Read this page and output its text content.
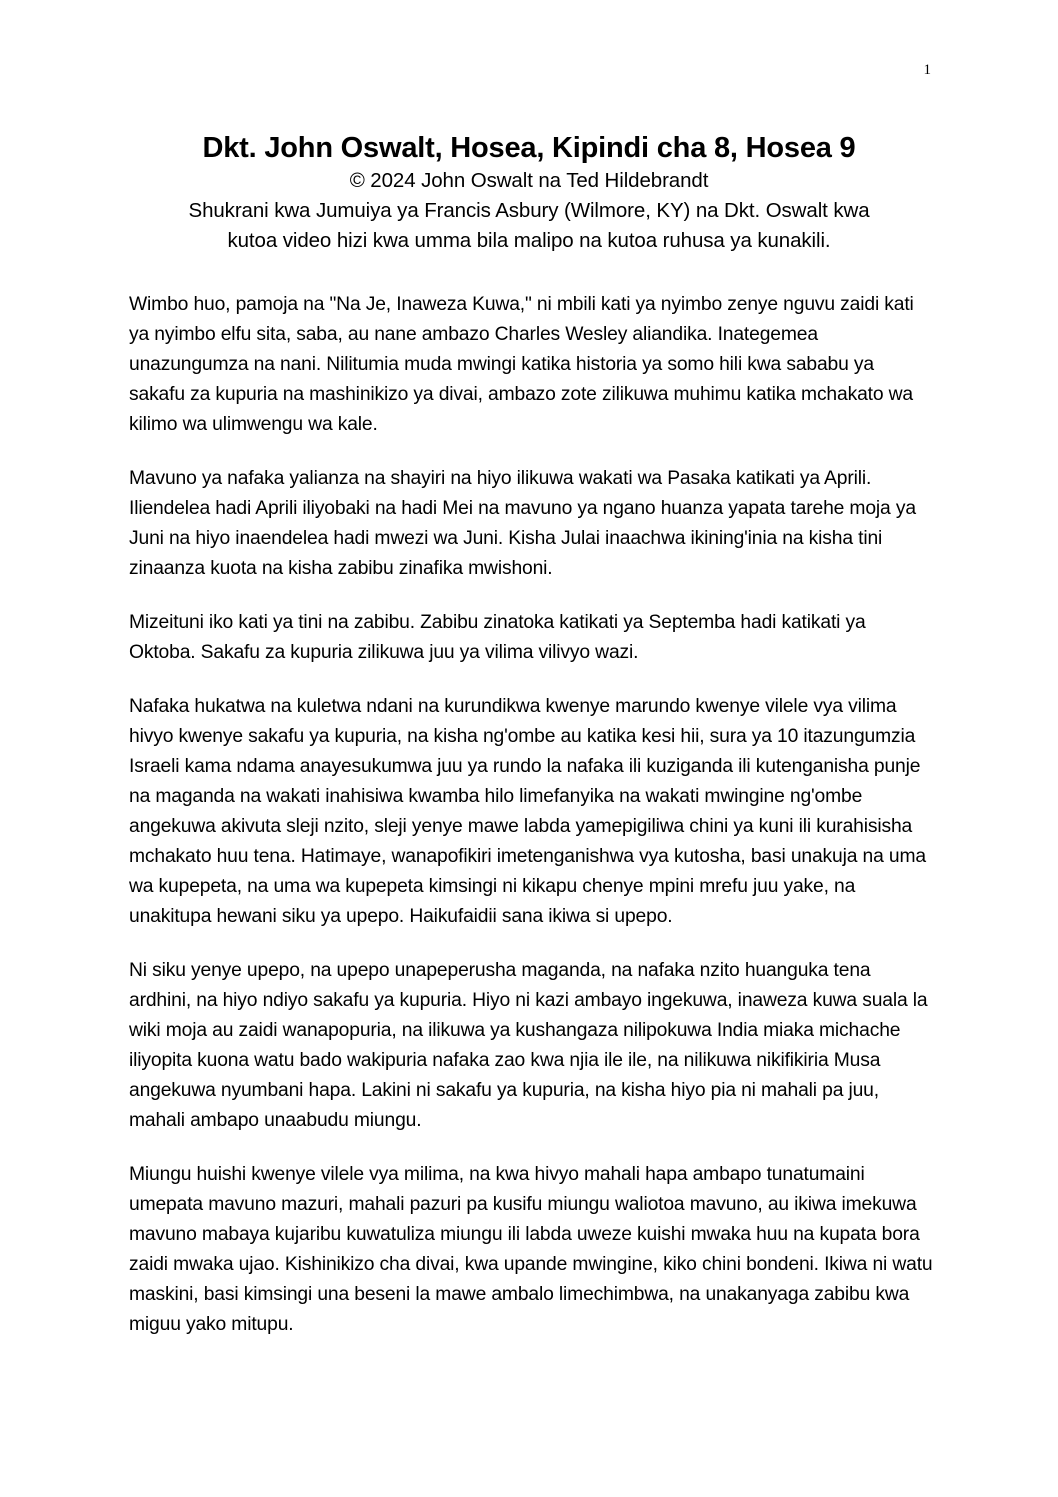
1
Dkt. John Oswalt, Hosea, Kipindi cha 8, Hosea 9
© 2024 John Oswalt na Ted Hildebrandt
Shukrani kwa Jumuiya ya Francis Asbury (Wilmore, KY) na Dkt. Oswalt kwa
kutoa video hizi kwa umma bila malipo na kutoa ruhusa ya kunakili.

Wimbo huo, pamoja na "Na Je, Inaweza Kuwa," ni mbili kati ya nyimbo zenye nguvu zaidi kati ya nyimbo elfu sita, saba, au nane ambazo Charles Wesley aliandika. Inategemea unazungumza na nani. Nilitumia muda mwingi katika historia ya somo hili kwa sababu ya sakafu za kupuria na mashinikizo ya divai, ambazo zote zilikuwa muhimu katika mchakato wa kilimo wa ulimwengu wa kale.

Mavuno ya nafaka yalianza na shayiri na hiyo ilikuwa wakati wa Pasaka katikati ya Aprili. Iliendelea hadi Aprili iliyobaki na hadi Mei na mavuno ya ngano huanza yapata tarehe moja ya Juni na hiyo inaendelea hadi mwezi wa Juni. Kisha Julai inaachwa ikining'inia na kisha tini zinaanza kuota na kisha zabibu zinafika mwishoni.

Mizeituni iko kati ya tini na zabibu. Zabibu zinatoka katikati ya Septemba hadi katikati ya Oktoba. Sakafu za kupuria zilikuwa juu ya vilima vilivyo wazi.

Nafaka hukatwa na kuletwa ndani na kurundikwa kwenye marundo kwenye vilele vya vilima hivyo kwenye sakafu ya kupuria, na kisha ng'ombe au katika kesi hii, sura ya 10 itazungumzia Israeli kama ndama anayesukumwa juu ya rundo la nafaka ili kuziganda ili kutenganisha punje na maganda na wakati inahisiwa kwamba hilo limefanyika na wakati mwingine ng'ombe angekuwa akivuta sleji nzito, sleji yenye mawe labda yamepigiliwa chini ya kuni ili kurahisisha mchakato huu tena. Hatimaye, wanapofikiri imetenganishwa vya kutosha, basi unakuja na uma wa kupepeta, na uma wa kupepeta kimsingi ni kikapu chenye mpini mrefu juu yake, na unakitupa hewani siku ya upepo. Haikufaidii sana ikiwa si upepo.

Ni siku yenye upepo, na upepo unapeperusha maganda, na nafaka nzito huanguka tena ardhini, na hiyo ndiyo sakafu ya kupuria. Hiyo ni kazi ambayo ingekuwa, inaweza kuwa suala la wiki moja au zaidi wanapopuria, na ilikuwa ya kushangaza nilipokuwa India miaka michache iliyopita kuona watu bado wakipuria nafaka zao kwa njia ile ile, na nilikuwa nikifikiria Musa angekuwa nyumbani hapa. Lakini ni sakafu ya kupuria, na kisha hiyo pia ni mahali pa juu, mahali ambapo unaabudu miungu.

Miungu huishi kwenye vilele vya milima, na kwa hivyo mahali hapa ambapo tunatumaini umepata mavuno mazuri, mahali pazuri pa kusifu miungu waliotoa mavuno, au ikiwa imekuwa mavuno mabaya kujaribu kuwatuliza miungu ili labda uweze kuishi mwaka huu na kupata bora zaidi mwaka ujao. Kishinikizo cha divai, kwa upande mwingine, kiko chini bondeni. Ikiwa ni watu maskini, basi kimsingi una beseni la mawe ambalo limechimbwa, na unakanyaga zabibu kwa miguu yako mitupu.
